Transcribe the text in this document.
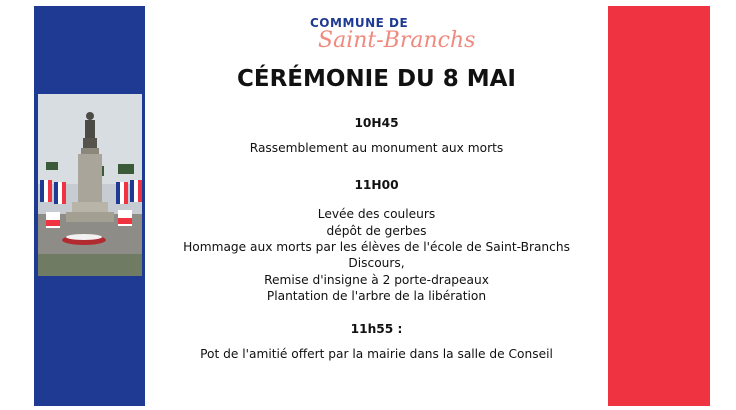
COMMUNE DE
Saint-Branchs
CÉRÉMONIE DU 8 MAI
10H45
Rassemblement au monument aux morts
11H00
Levée des couleurs
dépôt de gerbes
Hommage aux morts par les élèves de l'école de Saint-Branchs
Discours,
Remise d'insigne à 2 porte-drapeaux
Plantation de l'arbre de la libération
11h55 :
Pot de l'amitié offert par la mairie dans la salle de Conseil
